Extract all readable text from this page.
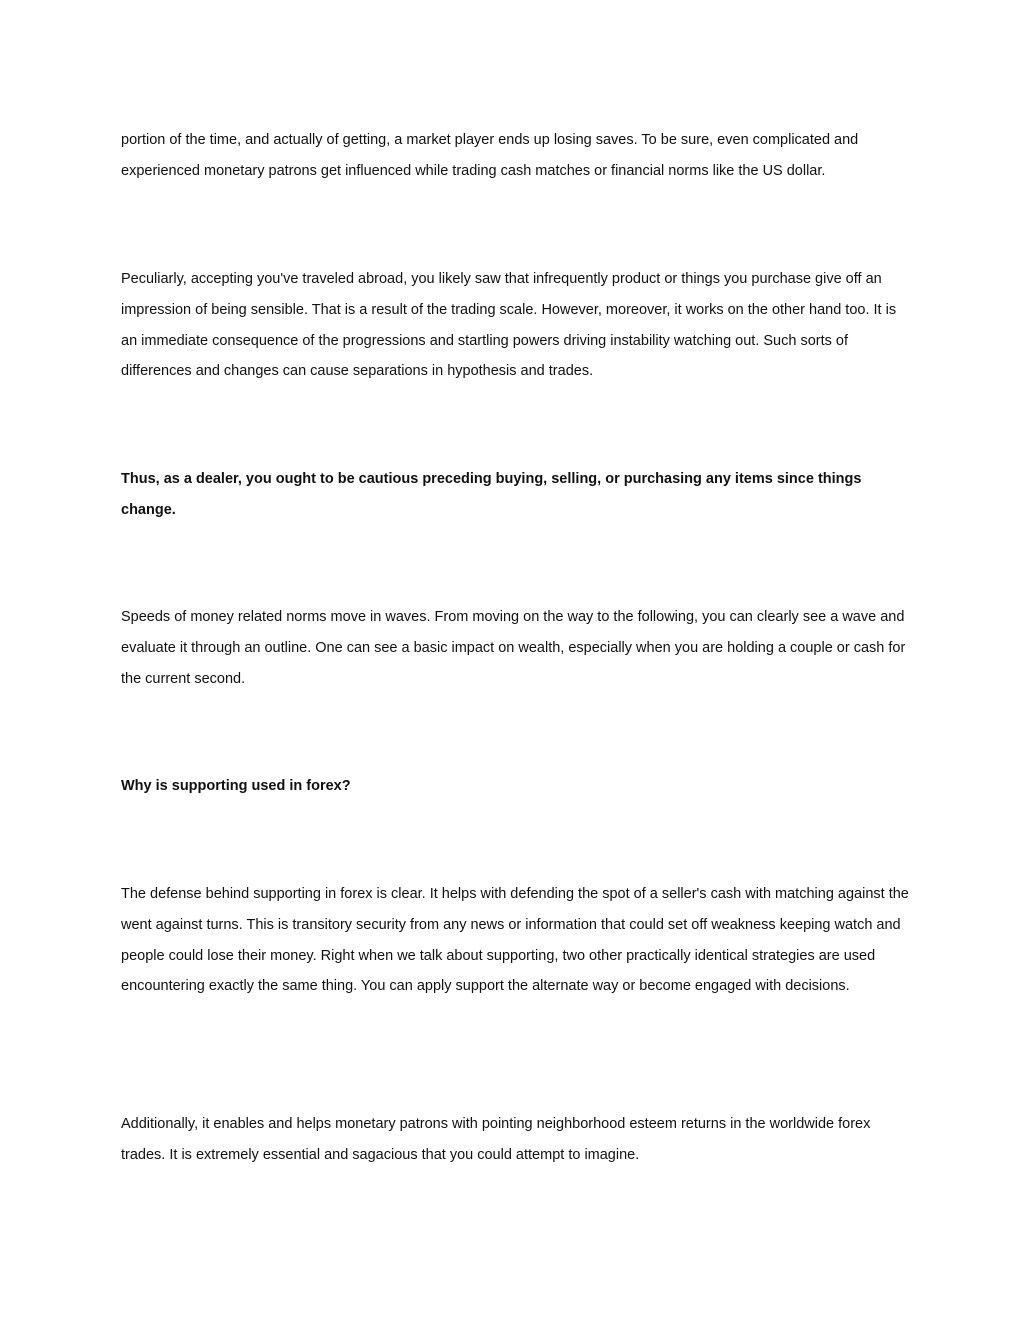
portion of the time, and actually of getting, a market player ends up losing saves. To be sure, even complicated and experienced monetary patrons get influenced while trading cash matches or financial norms like the US dollar.

Peculiarly, accepting you've traveled abroad, you likely saw that infrequently product or things you purchase give off an impression of being sensible. That is a result of the trading scale. However, moreover, it works on the other hand too. It is an immediate consequence of the progressions and startling powers driving instability watching out. Such sorts of differences and changes can cause separations in hypothesis and trades.

Thus, as a dealer, you ought to be cautious preceding buying, selling, or purchasing any items since things change.

Speeds of money related norms move in waves. From moving on the way to the following, you can clearly see a wave and evaluate it through an outline. One can see a basic impact on wealth, especially when you are holding a couple or cash for the current second.

Why is supporting used in forex?

The defense behind supporting in forex is clear. It helps with defending the spot of a seller's cash with matching against the went against turns. This is transitory security from any news or information that could set off weakness keeping watch and people could lose their money. Right when we talk about supporting, two other practically identical strategies are used encountering exactly the same thing. You can apply support the alternate way or become engaged with decisions.

Additionally, it enables and helps monetary patrons with pointing neighborhood esteem returns in the worldwide forex trades. It is extremely essential and sagacious that you could attempt to imagine.
